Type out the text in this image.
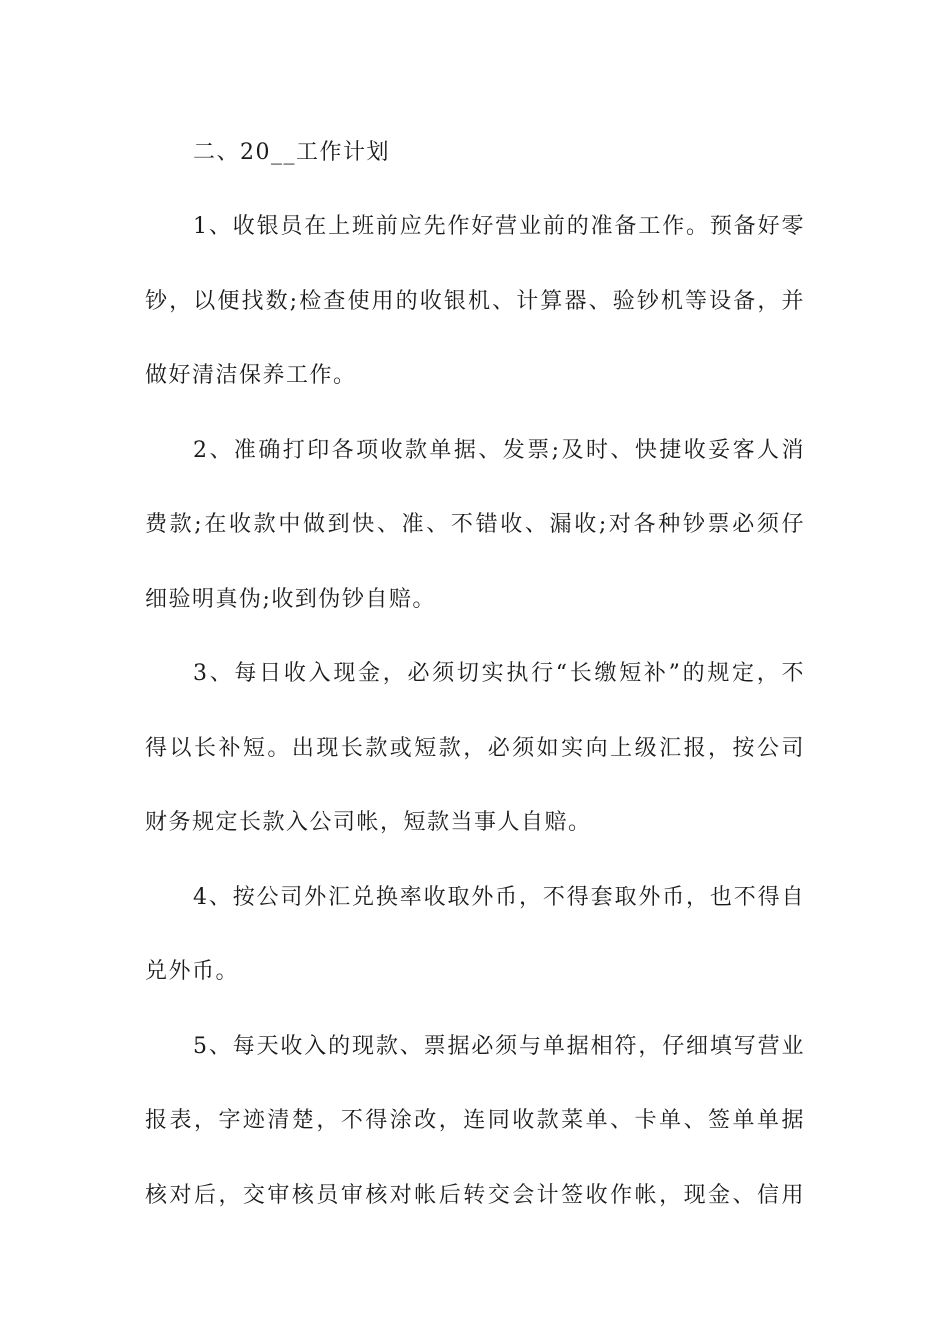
二、20__工作计划
1、收银员在上班前应先作好营业前的准备工作。预备好零
钞，以便找数;检查使用的收银机、计算器、验钞机等设备，并
做好清洁保养工作。
2、准确打印各项收款单据、发票;及时、快捷收妥客人消
费款;在收款中做到快、准、不错收、漏收;对各种钞票必须仔
细验明真伪;收到伪钞自赔。
3、每日收入现金，必须切实执行“长缴短补”的规定，不
得以长补短。出现长款或短款，必须如实向上级汇报，按公司
财务规定长款入公司帐，短款当事人自赔。
4、按公司外汇兑换率收取外币，不得套取外币，也不得自
兑外币。
5、每天收入的现款、票据必须与单据相符，仔细填写营业
报表，字迹清楚，不得涂改，连同收款菜单、卡单、签单单据
核对后，交审核员审核对帐后转交会计签收作帐，现金、信用
